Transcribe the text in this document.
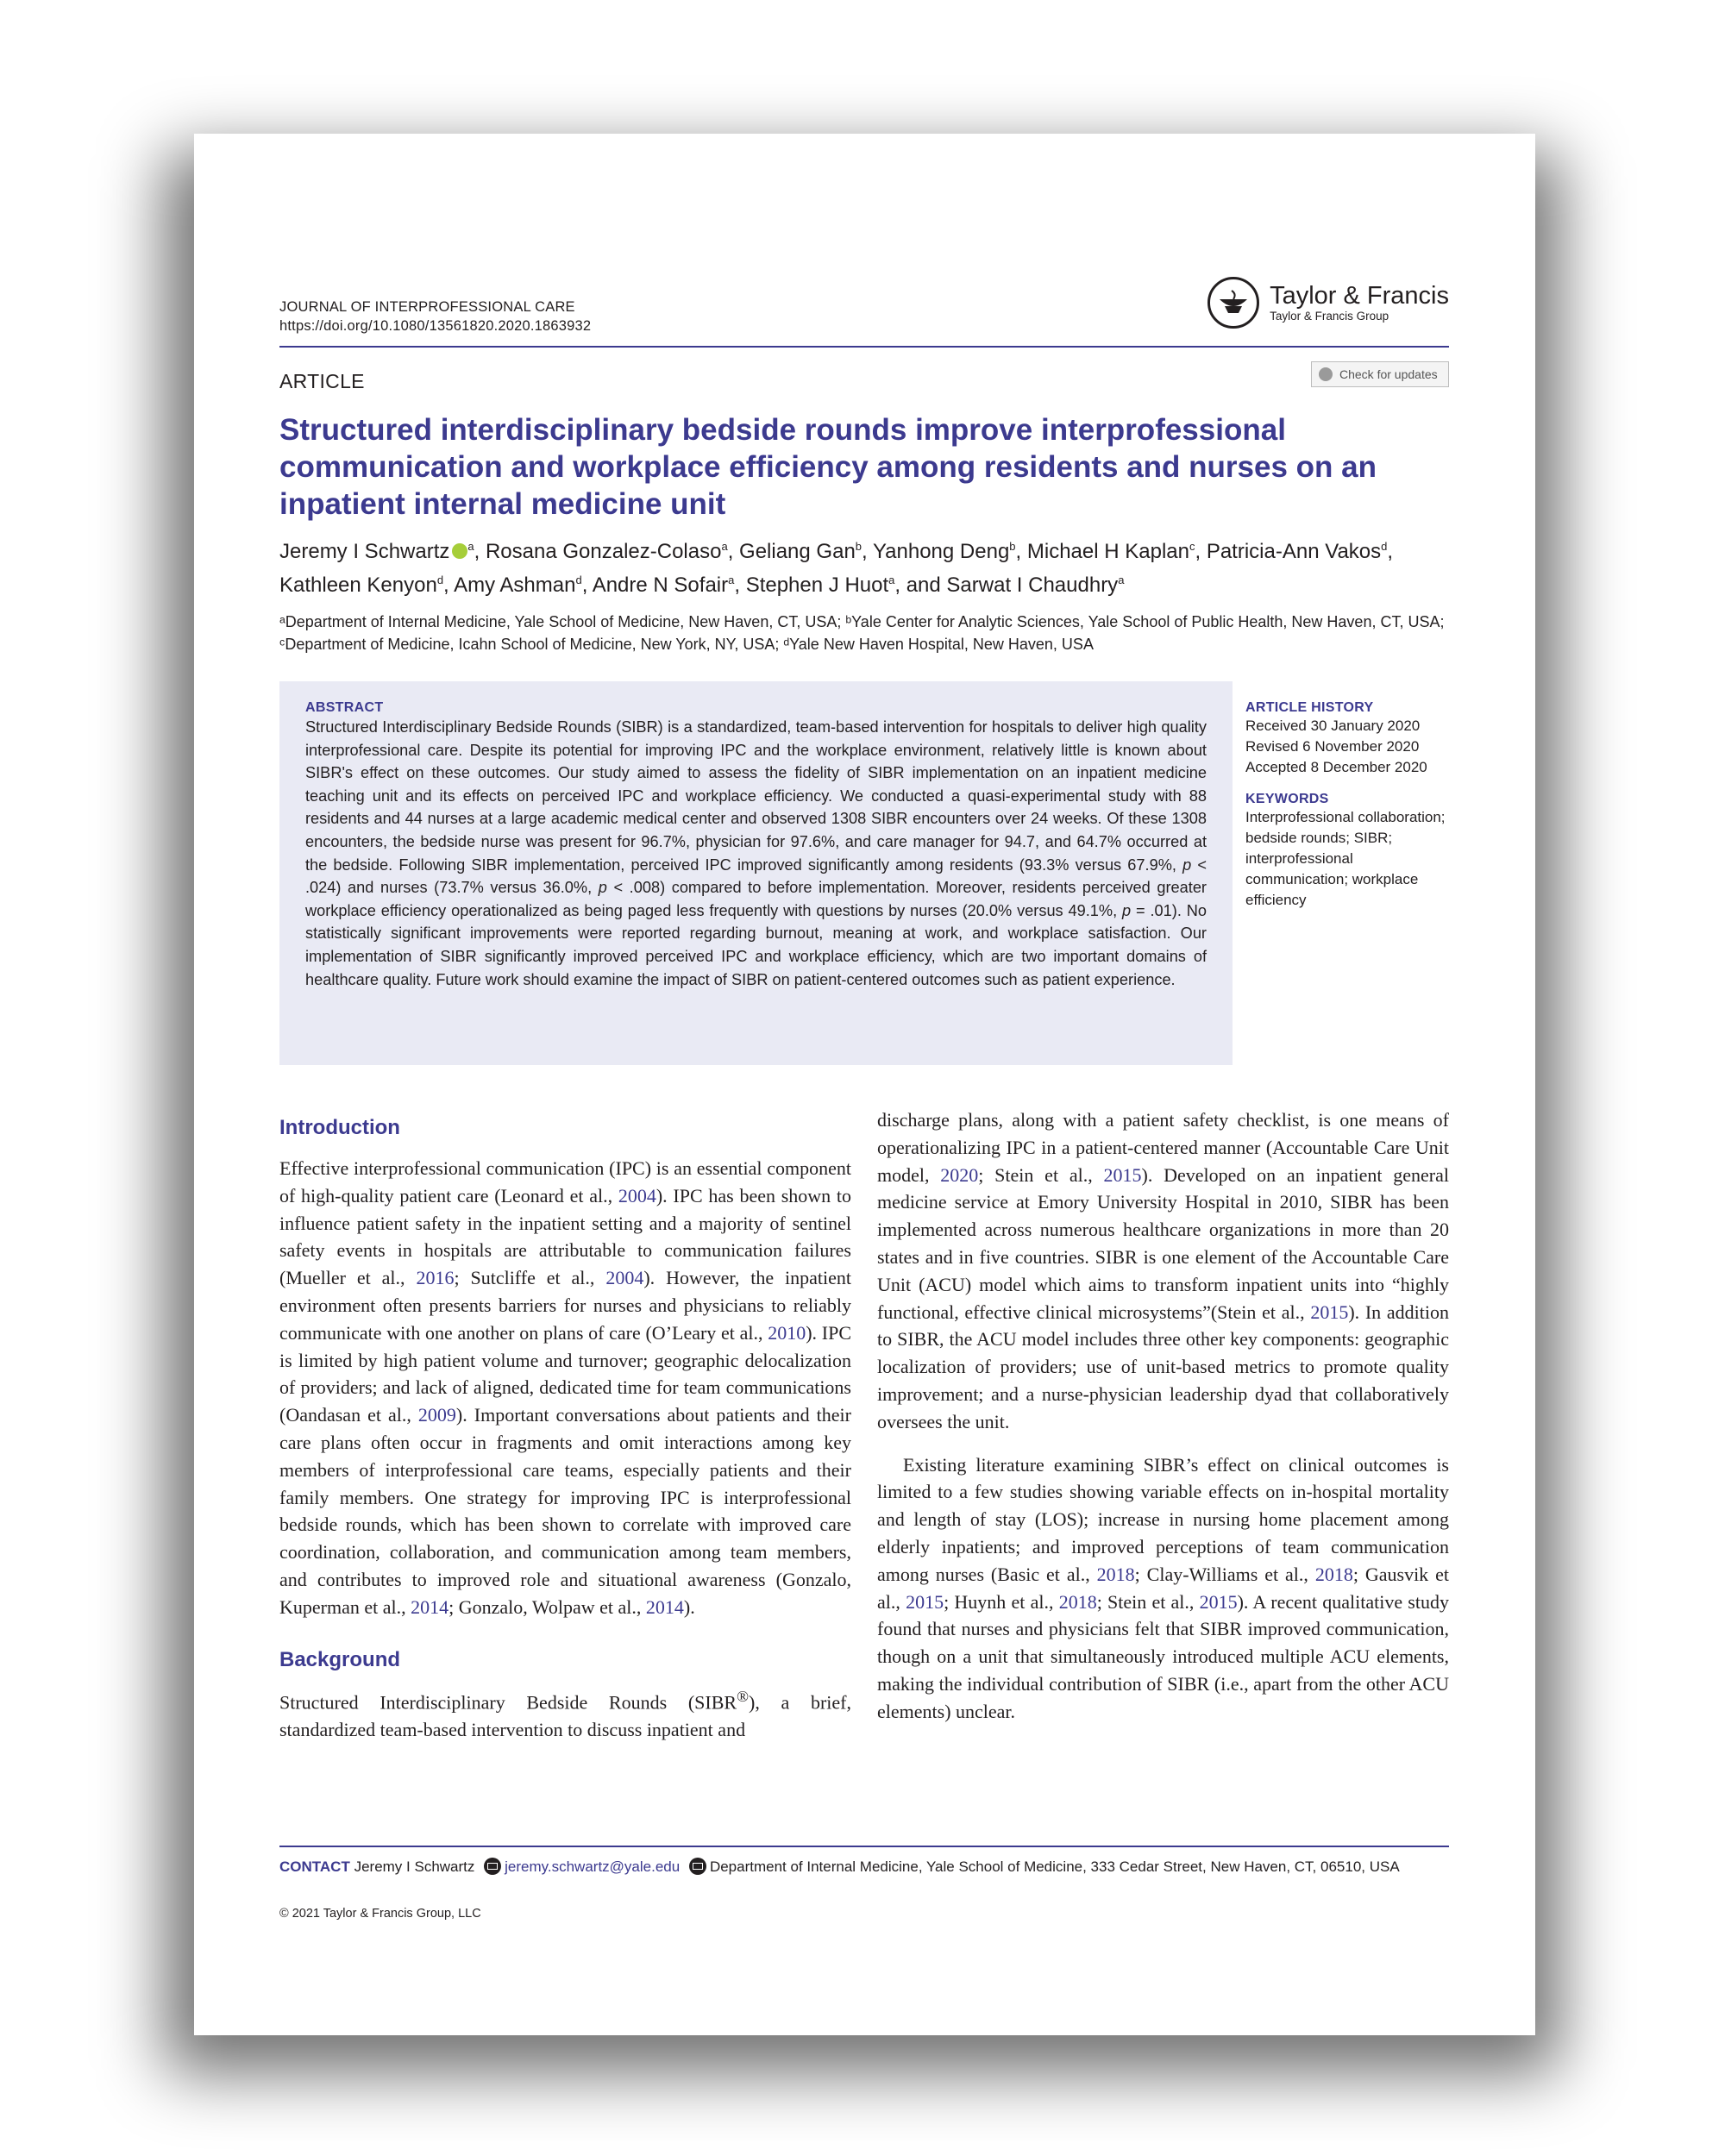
JOURNAL OF INTERPROFESSIONAL CARE
https://doi.org/10.1080/13561820.2020.1863932
Taylor & Francis
Taylor & Francis Group
ARTICLE	Check for updates
Structured interdisciplinary bedside rounds improve interprofessional communication and workplace efficiency among residents and nurses on an inpatient internal medicine unit
Jeremy I Schwartz $^a$, Rosana Gonzalez-Colaso$^a$, Geliang Gan$^b$, Yanhong Deng$^b$, Michael H Kaplan$^c$, Patricia-Ann Vakos$^d$, Kathleen Kenyon$^d$, Amy Ashman$^d$, Andre N Sofair$^a$, Stephen J Huot$^a$, and Sarwat I Chaudhry$^a$
ᵃDepartment of Internal Medicine, Yale School of Medicine, New Haven, CT, USA; ᵇYale Center for Analytic Sciences, Yale School of Public Health, New Haven, CT, USA; ᶜDepartment of Medicine, Icahn School of Medicine, New York, NY, USA; ᵈYale New Haven Hospital, New Haven, USA
ABSTRACT
Structured Interdisciplinary Bedside Rounds (SIBR) is a standardized, team-based intervention for hospitals to deliver high quality interprofessional care. Despite its potential for improving IPC and the workplace environment, relatively little is known about SIBR's effect on these outcomes. Our study aimed to assess the fidelity of SIBR implementation on an inpatient medicine teaching unit and its effects on perceived IPC and workplace efficiency. We conducted a quasi-experimental study with 88 residents and 44 nurses at a large academic medical center and observed 1308 SIBR encounters over 24 weeks. Of these 1308 encounters, the bedside nurse was present for 96.7%, physician for 97.6%, and care manager for 94.7, and 64.7% occurred at the bedside. Following SIBR implementation, perceived IPC improved significantly among residents (93.3% versus 67.9%, p < .024) and nurses (73.7% versus 36.0%, p < .008) compared to before implementation. Moreover, residents perceived greater workplace efficiency operationalized as being paged less frequently with questions by nurses (20.0% versus 49.1%, p = .01). No statistically significant improvements were reported regarding burnout, meaning at work, and workplace satisfaction. Our implementation of SIBR significantly improved perceived IPC and workplace efficiency, which are two important domains of healthcare quality. Future work should examine the impact of SIBR on patient-centered outcomes such as patient experience.
ARTICLE HISTORY
Received 30 January 2020
Revised 6 November 2020
Accepted 8 December 2020
KEYWORDS
Interprofessional collaboration; bedside rounds; SIBR; interprofessional communication; workplace efficiency
Introduction

Effective interprofessional communication (IPC) is an essential component of high-quality patient care (Leonard et al., 2004). IPC has been shown to influence patient safety in the inpatient setting and a majority of sentinel safety events in hospitals are attributable to communication failures (Mueller et al., 2016; Sutcliffe et al., 2004). However, the inpatient environment often presents barriers for nurses and physicians to reliably communicate with one another on plans of care (O’Leary et al., 2010). IPC is limited by high patient volume and turnover; geographic delocalization of providers; and lack of aligned, dedicated time for team communications (Oandasan et al., 2009). Important conversations about patients and their care plans often occur in fragments and omit interactions among key members of interprofessional care teams, especially patients and their family members. One strategy for improving IPC is interprofessional bedside rounds, which has been shown to correlate with improved care coordination, collaboration, and communication among team members, and contributes to improved role and situational awareness (Gonzalo, Kuperman et al., 2014; Gonzalo, Wolpaw et al., 2014).

Background

Structured Interdisciplinary Bedside Rounds (SIBR®), a brief, standardized team-based intervention to discuss inpatient and

discharge plans, along with a patient safety checklist, is one means of operationalizing IPC in a patient-centered manner (Accountable Care Unit model, 2020; Stein et al., 2015). Developed on an inpatient general medicine service at Emory University Hospital in 2010, SIBR has been implemented across numerous healthcare organizations in more than 20 states and in five countries. SIBR is one element of the Accountable Care Unit (ACU) model which aims to transform inpatient units into “highly functional, effective clinical microsystems”(Stein et al., 2015). In addition to SIBR, the ACU model includes three other key components: geographic localization of providers; use of unit-based metrics to promote quality improvement; and a nurse-physician leadership dyad that collaboratively oversees the unit.

Existing literature examining SIBR’s effect on clinical outcomes is limited to a few studies showing variable effects on in-hospital mortality and length of stay (LOS); increase in nursing home placement among elderly inpatients; and improved perceptions of team communication among nurses (Basic et al., 2018; Clay-Williams et al., 2018; Gausvik et al., 2015; Huynh et al., 2018; Stein et al., 2015). A recent qualitative study found that nurses and physicians felt that SIBR improved communication, though on a unit that simultaneously introduced multiple ACU elements, making the individual contribution of SIBR (i.e., apart from the other ACU elements) unclear.

CONTACT Jeremy I Schwartz jeremy.schwartz@yale.edu Department of Internal Medicine, Yale School of Medicine, 333 Cedar Street, New Haven, CT, 06510, USA
© 2021 Taylor & Francis Group, LLC
